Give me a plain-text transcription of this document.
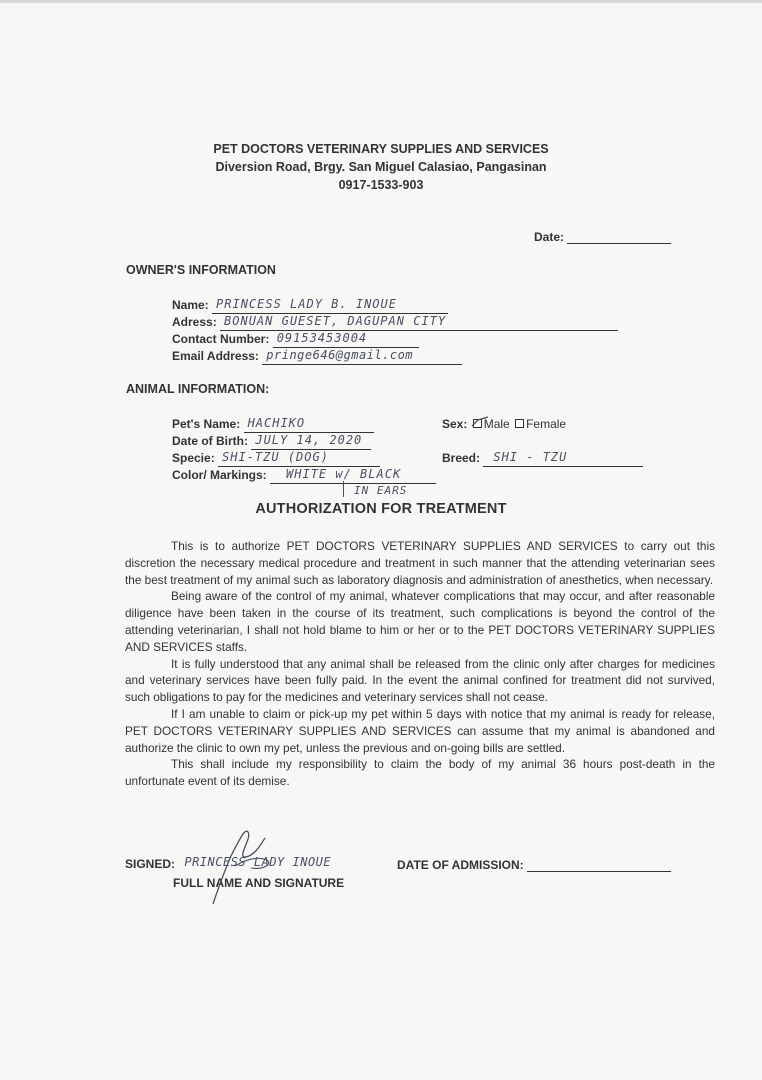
PET DOCTORS VETERINARY SUPPLIES AND SERVICES
Diversion Road, Brgy. San Miguel Calasiao, Pangasinan
0917-1533-903
Date:
OWNER'S INFORMATION
Name: PRINCESS LADY B. INOUE
Adress: BONUAN GUESET, DAGUPAN CITY
Contact Number: 09153453004
Email Address: pringe646@gmail.com
ANIMAL INFORMATION:
Pet's Name: HACHIKO
Date of Birth: JULY 14, 2020
Specie: SHI-TZU (DOG)
Color/ Markings: WHITE w/ BLACK
IN EARS
Sex: Male Female
Breed: SHI - TZU
AUTHORIZATION FOR TREATMENT

This is to authorize PET DOCTORS VETERINARY SUPPLIES AND SERVICES to carry out this discretion the necessary medical procedure and treatment in such manner that the attending veterinarian sees the best treatment of my animal such as laboratory diagnosis and administration of anesthetics, when necessary.

Being aware of the control of my animal, whatever complications that may occur, and after reasonable diligence have been taken in the course of its treatment, such complications is beyond the control of the attending veterinarian, I shall not hold blame to him or her or to the PET DOCTORS VETERINARY SUPPLIES AND SERVICES staffs.

It is fully understood that any animal shall be released from the clinic only after charges for medicines and veterinary services have been fully paid. In the event the animal confined for treatment did not survived, such obligations to pay for the medicines and veterinary services shall not cease.

If I am unable to claim or pick-up my pet within 5 days with notice that my animal is ready for release, PET DOCTORS VETERINARY SUPPLIES AND SERVICES can assume that my animal is abandoned and authorize the clinic to own my pet, unless the previous and on-going bills are settled.

This shall include my responsibility to claim the body of my animal 36 hours post-death in the unfortunate event of its demise.

SIGNED: PRINCESS LADY INOUE
FULL NAME AND SIGNATURE
DATE OF ADMISSION:
